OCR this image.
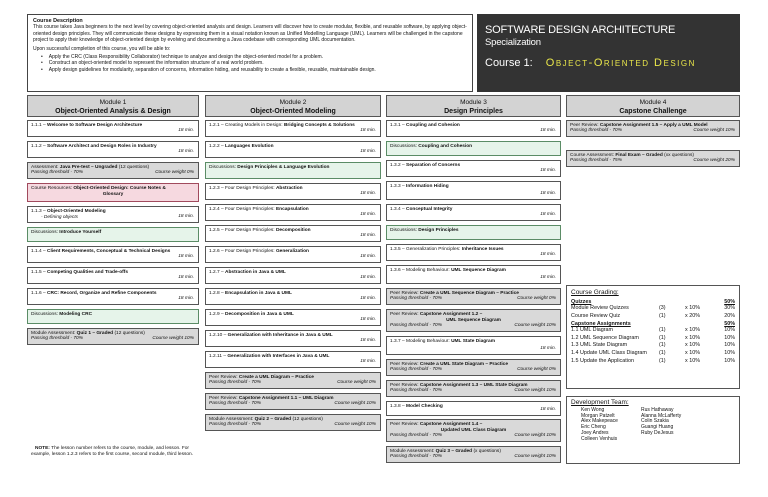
Course Description

This course takes Java beginners to the next level by covering object-oriented analysis and design. Learners will discover how to create modular, flexible, and reusable software, by applying object-oriented design principles. They will communicate these designs by expressing them in a visual notation known as Unified Modelling Language (UML). Learners will be challenged in the capstone project to apply their knowledge of object-oriented design by evolving and documenting a Java codebase with corresponding UML documentation.

Upon successful completion of this course, you will be able to:

• Apply the CRC (Class Responsibility Collaborator) technique to analyze and design the object-oriented model for a problem.
• Construct an object-oriented model to represent the information structure of a real world problem.
• Apply design guidelines for modularity, separation of concerns, information hiding, and reusability to create a flexible, reusable, maintainable design.
SOFTWARE DESIGN ARCHITECTURE Specialization
Course 1: Object-Oriented Design
Module 1
Object-Oriented Analysis & Design
Module 2
Object-Oriented Modeling
Module 3
Design Principles
Module 4
Capstone Challenge
1.1.1 – Welcome to Software Design Architecture
18 min.
1.1.2 – Software Architect and Design Roles in Industry
18 min.
Assessment: Java Pre-test – Ungraded (12 questions)
Passing threshold - 70%	Course weight 0%
Course Resources: Object-Oriented Design: Course Notes &
Glossary
1.1.3 – Object-Oriented Modeling
- Defining objects	18 min.
Discussions: Introduce Yourself
1.1.4 – Client Requirements, Conceptual & Technical Designs
18 min.
1.1.5 – Competing Qualities and Trade-offs
18 min.
1.1.6 – CRC: Record, Organize and Refine Components
18 min.
Discussions: Modeling CRC
Module Assessment: Quiz 1 – Graded (12 questions)
Passing threshold - 70%	Course weight 10%
1.2.1 – Creating Models in Design: Bridging Concepts & Solutions
18 min.
1.2.2 – Languages Evolution
18 min.
Discussions: Design Principles & Language Evolution
1.2.3 – Four Design Principles: Abstraction
18 min.
1.2.4 – Four Design Principles: Encapsulation
18 min.
1.2.5 – Four Design Principles: Decomposition
18 min.
1.2.6 – Four Design Principles: Generalization
18 min.
1.2.7 – Abstraction in Java & UML
18 min.
1.2.8 – Encapsulation in Java & UML
18 min.
1.2.9 – Decomposition in Java & UML
18 min.
1.2.10 – Generalization with Inheritance in Java & UML
18 min.
1.2.11 – Generalization with Interfaces in Java & UML
18 min.
Peer Review: Create a UML Diagram – Practice
Passing threshold - 70%	Course weight 0%
Peer Review: Capstone Assignment 1.1 – UML Diagram
Passing threshold - 70%	Course weight 10%
Module Assessment: Quiz 2 – Graded (12 questions)
Passing threshold - 70%	Course weight 10%
1.3.1 – Coupling and Cohesion
18 min.
Discussions: Coupling and Cohesion
1.3.2 – Separation of Concerns
18 min.
1.3.3 – Information Hiding
18 min.
1.3.4 – Conceptual Integrity
18 min.
Discussions: Design Principles
1.3.5 – Generalization Principles: Inheritance Issues
18 min.
1.3.6 – Modeling Behaviour: UML Sequence Diagram
18 min.
Peer Review: Create a UML Sequence Diagram – Practice
Passing threshold - 70%	Course weight 0%
Peer Review: Capstone Assignment 1.2 –
UML Sequence Diagram
Passing threshold - 70%	Course weight 10%
1.3.7 – Modeling Behaviour: UML State Diagram
18 min.
Peer Review: Create a UML State Diagram – Practice
Passing threshold - 70%	Course weight 0%
Peer Review: Capstone Assignment 1.3 – UML State Diagram
Passing threshold - 70%	Course weight 10%
1.3.8 – Model Checking
18 min.
Peer Review: Capstone Assignment 1.4 –
Updated UML Class Diagram
Passing threshold - 70%	Course weight 10%
Module Assessment: Quiz 3 – Graded (x questions)
Passing threshold - 70%	Course weight 10%
Peer Review: Capstone Assignment 1.5 – Apply a UML Model
Passing threshold - 70%	Course weight 10%
Course Assessment: Final Exam – Graded (xx questions)
Passing threshold - 75%	Course weight 20%
Course Grading:
Quizzes	50%
Module Review Quizzes	(3)	x 10%	30%
Course Review Quiz	(1)	x 20%	20%
Capstone Assignments	50%
1.1 UML Diagram	(1)	x 10%	10%
1.2 UML Sequence Diagram	(1)	x 10%	10%
1.3 UML State Diagram	(1)	x 10%	10%
1.4 Update UML Class Diagram	(1)	x 10%	10%
1.5 Update the Application	(1)	x 10%	10%
Development Team:
Ken Wong
Morgan Patzelt
Alex Makepeace
Eric Cheng
Joey Andres
Colleen Venhuis
Rus Hathaway
Alanna McLafferty
Colin Szakia
Guangi Huang
Ruby DeJesus
NOTE: The lesson number refers to the course, module, and lesson. For example, lesson 1.2.3 refers to the first course, second module, third lesson.
